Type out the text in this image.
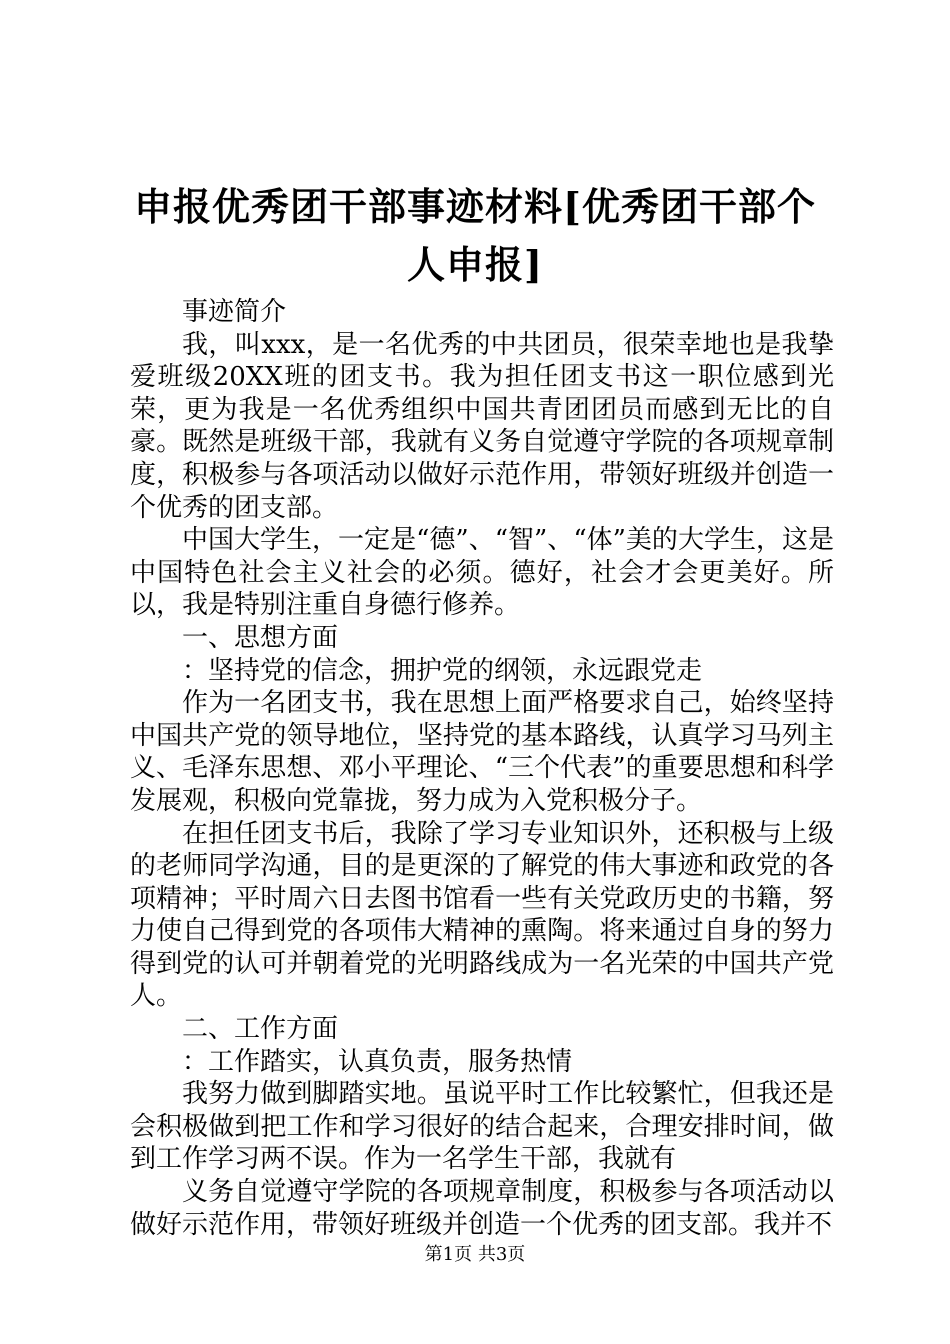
申报优秀团干部事迹材料[优秀团干部个人申报]

事迹简介

我，叫xxx，是一名优秀的中共团员，很荣幸地也是我挚爱班级20XX班的团支书。我为担任团支书这一职位感到光荣，更为我是一名优秀组织中国共青团团员而感到无比的自豪。既然是班级干部，我就有义务自觉遵守学院的各项规章制度，积极参与各项活动以做好示范作用，带领好班级并创造一个优秀的团支部。

中国大学生，一定是“德”、“智”、“体”美的大学生，这是中国特色社会主义社会的必须。德好，社会才会更美好。所以，我是特别注重自身德行修养。

一、思想方面

：坚持党的信念，拥护党的纲领，永远跟党走

作为一名团支书，我在思想上面严格要求自己，始终坚持中国共产党的领导地位，坚持党的基本路线，认真学习马列主义、毛泽东思想、邓小平理论、“三个代表”的重要思想和科学发展观，积极向党靠拢，努力成为入党积极分子。

在担任团支书后，我除了学习专业知识外，还积极与上级的老师同学沟通，目的是更深的了解党的伟大事迹和政党的各项精神；平时周六日去图书馆看一些有关党政历史的书籍，努力使自己得到党的各项伟大精神的熏陶。将来通过自身的努力得到党的认可并朝着党的光明路线成为一名光荣的中国共产党人。

二、工作方面

：工作踏实，认真负责，服务热情

我努力做到脚踏实地。虽说平时工作比较繁忙，但我还是会积极做到把工作和学习很好的结合起来，合理安排时间，做到工作学习两不误。作为一名学生干部，我就有

义务自觉遵守学院的各项规章制度，积极参与各项活动以做好示范作用，带领好班级并创造一个优秀的团支部。我并不

第1页 共3页
